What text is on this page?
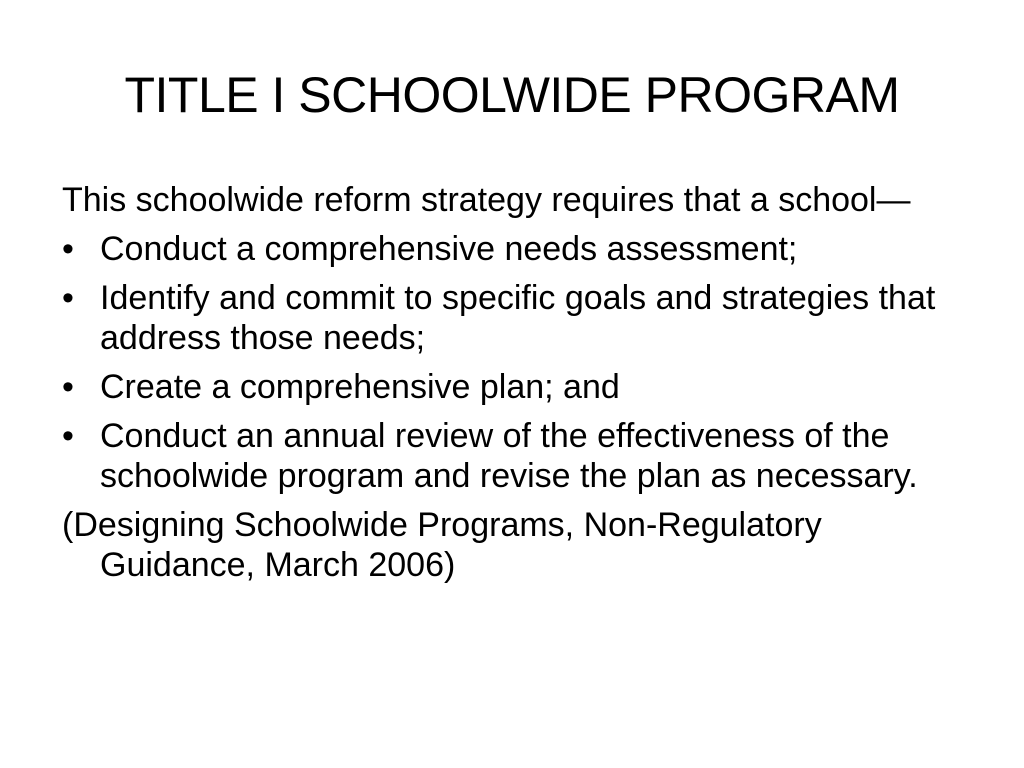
TITLE I SCHOOLWIDE PROGRAM

This schoolwide reform strategy requires that a school—

• Conduct a comprehensive needs assessment;
• Identify and commit to specific goals and strategies that address those needs;
• Create a comprehensive plan; and
• Conduct an annual review of the effectiveness of the schoolwide program and revise the plan as necessary.

(Designing Schoolwide Programs, Non-Regulatory Guidance, March 2006)
